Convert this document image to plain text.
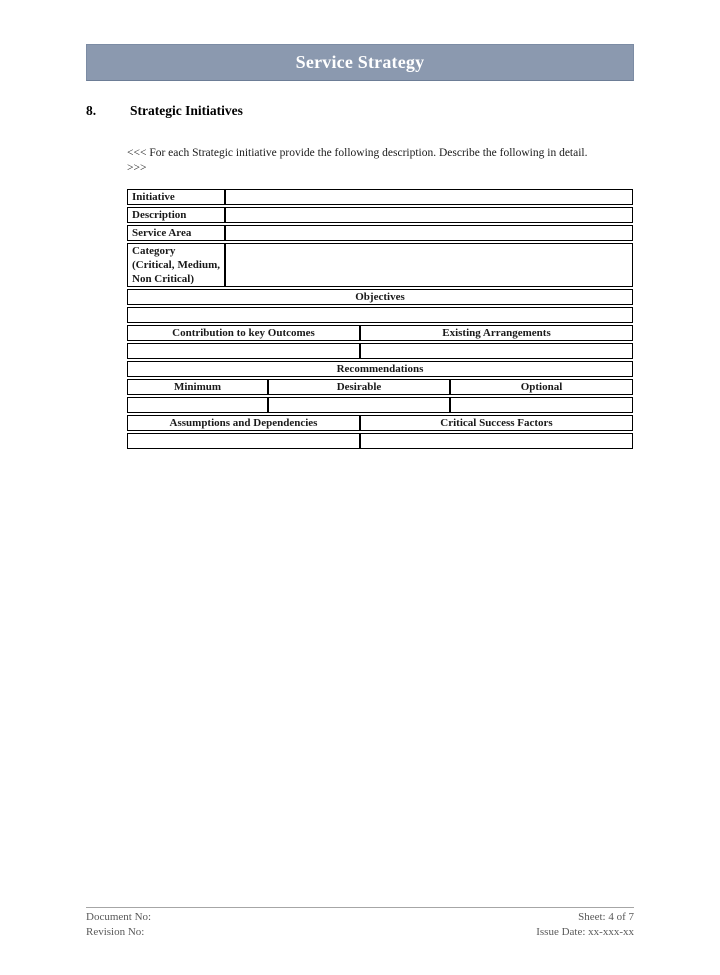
Service Strategy
8.	Strategic Initiatives
<<< For each Strategic initiative provide the following description. Describe the following in detail.
>>>
Initiative				
Description				
Service Area				
Category (Critical, Medium, Non Critical)				
Objectives				

Contribution to key Outcomes			Existing Arrangements	

Recommendations				
Minimum		Desirable		Optional

Assumptions and Dependencies			Critical Success Factors	

Document No:
Revision No:
Sheet: 4 of 7
Issue Date: xx-xxx-xx
